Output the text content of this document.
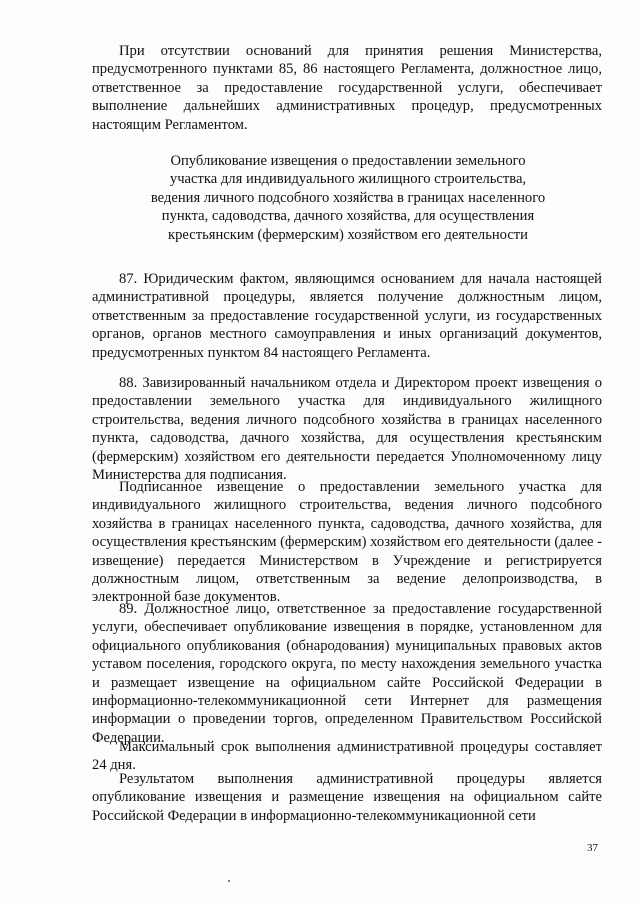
При отсутствии оснований для принятия решения Министерства, предусмотренного пунктами 85, 86 настоящего Регламента, должностное лицо, ответственное за предоставление государственной услуги, обеспечивает выполнение дальнейших административных процедур, предусмотренных настоящим Регламентом.

Опубликование извещения о предоставлении земельного участка для индивидуального жилищного строительства, ведения личного подсобного хозяйства в границах населенного пункта, садоводства, дачного хозяйства, для осуществления крестьянским (фермерским) хозяйством его деятельности

87. Юридическим фактом, являющимся основанием для начала настоящей административной процедуры, является получение должностным лицом, ответственным за предоставление государственной услуги, из государственных органов, органов местного самоуправления и иных организаций документов, предусмотренных пунктом 84 настоящего Регламента.

88. Завизированный начальником отдела и Директором проект извещения о предоставлении земельного участка для индивидуального жилищного строительства, ведения личного подсобного хозяйства в границах населенного пункта, садоводства, дачного хозяйства, для осуществления крестьянским (фермерским) хозяйством его деятельности передается Уполномоченному лицу Министерства для подписания.

Подписанное извещение о предоставлении земельного участка для индивидуального жилищного строительства, ведения личного подсобного хозяйства в границах населенного пункта, садоводства, дачного хозяйства, для осуществления крестьянским (фермерским) хозяйством его деятельности (далее - извещение) передается Министерством в Учреждение и регистрируется должностным лицом, ответственным за ведение делопроизводства, в электронной базе документов.

89. Должностное лицо, ответственное за предоставление государственной услуги, обеспечивает опубликование извещения в порядке, установленном для официального опубликования (обнародования) муниципальных правовых актов уставом поселения, городского округа, по месту нахождения земельного участка и размещает извещение на официальном сайте Российской Федерации в информационно-телекоммуникационной сети Интернет для размещения информации о проведении торгов, определенном Правительством Российской Федерации.

Максимальный срок выполнения административной процедуры составляет 24 дня.

Результатом выполнения административной процедуры является опубликование извещения и размещение извещения на официальном сайте Российской Федерации в информационно-телекоммуникационной сети

37
